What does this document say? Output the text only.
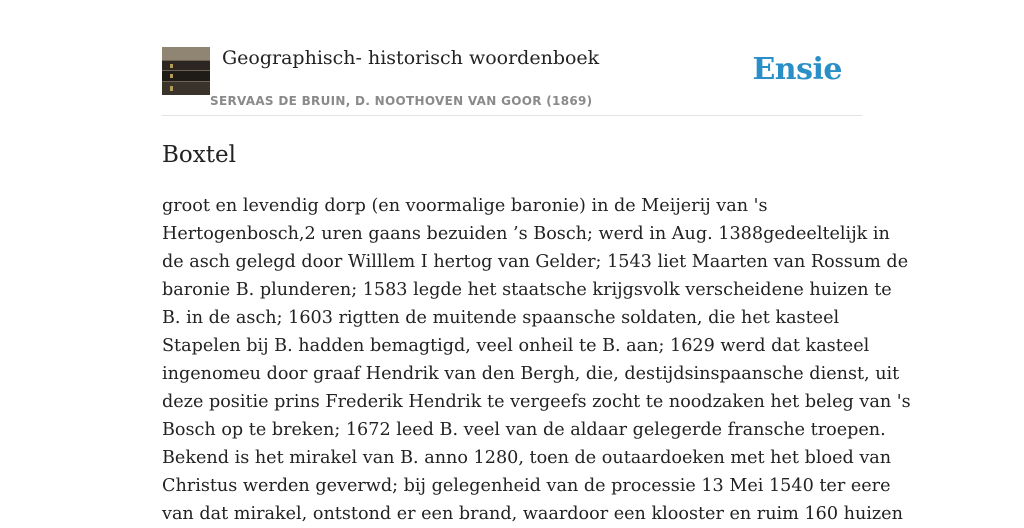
Geographisch- historisch woordenboek
SERVAAS DE BRUIN, D. NOOTHOVEN VAN GOOR (1869)
Ensie
Boxtel

groot en levendig dorp (en voormalige baronie) in de Meijerij van 's
Hertogenbosch,2 uren gaans bezuiden ’s Bosch; werd in Aug. 1388gedeeltelijk in
de asch gelegd door Willlem I hertog van Gelder; 1543 liet Maarten van Rossum de
baronie B. plunderen; 1583 legde het staatsche krijgsvolk verscheidene huizen te
B. in de asch; 1603 rigtten de muitende spaansche soldaten, die het kasteel
Stapelen bij B. hadden bemagtigd, veel onheil te B. aan; 1629 werd dat kasteel
ingenomeu door graaf Hendrik van den Bergh, die, destijdsinspaansche dienst, uit
deze positie prins Frederik Hendrik te vergeefs zocht te noodzaken het beleg van 's
Bosch op te breken; 1672 leed B. veel van de aldaar gelegerde fransche troepen.
Bekend is het mirakel van B. anno 1280, toen de outaardoeken met het bloed van
Christus werden geverwd; bij gelegenheid van de processie 13 Mei 1540 ter eere
van dat mirakel, ontstond er een brand, waardoor een klooster en ruim 160 huizen
